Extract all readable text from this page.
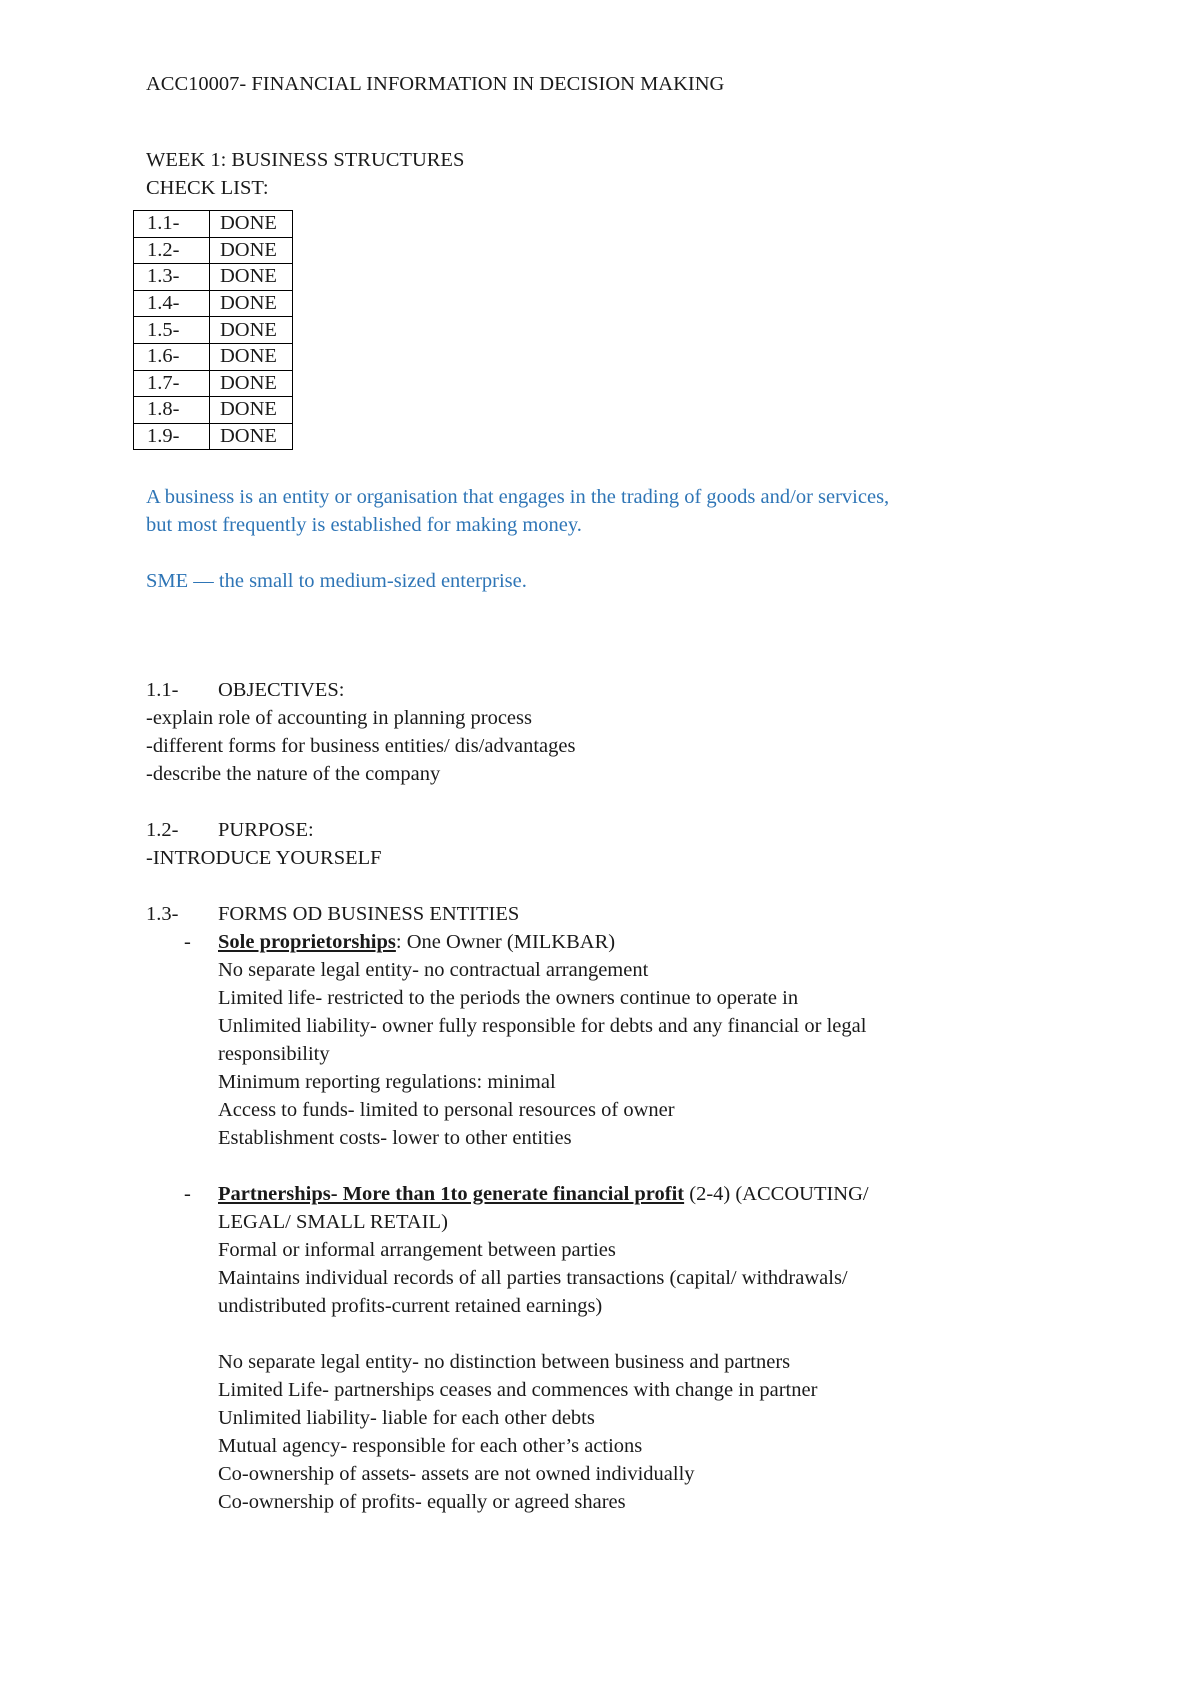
ACC10007- FINANCIAL INFORMATION IN DECISION MAKING
WEEK 1: BUSINESS STRUCTURES
CHECK LIST:
1.1-	DONE
1.2-	DONE
1.3-	DONE
1.4-	DONE
1.5-	DONE
1.6-	DONE
1.7-	DONE
1.8-	DONE
1.9-	DONE
A business is an entity or organisation that engages in the trading of goods and/or services,
but most frequently is established for making money.
SME — the small to medium-sized enterprise.
1.1- OBJECTIVES:
-explain role of accounting in planning process
-different forms for business entities/ dis/advantages
-describe the nature of the company
1.2- PURPOSE:
-INTRODUCE YOURSELF
1.3- FORMS OD BUSINESS ENTITIES
- Sole proprietorships: One Owner (MILKBAR)
No separate legal entity- no contractual arrangement
Limited life- restricted to the periods the owners continue to operate in
Unlimited liability- owner fully responsible for debts and any financial or legal
responsibility
Minimum reporting regulations: minimal
Access to funds- limited to personal resources of owner
Establishment costs- lower to other entities
- Partnerships- More than 1to generate financial profit (2-4) (ACCOUTING/
LEGAL/ SMALL RETAIL)
Formal or informal arrangement between parties
Maintains individual records of all parties transactions (capital/ withdrawals/
undistributed profits-current retained earnings)
No separate legal entity- no distinction between business and partners
Limited Life- partnerships ceases and commences with change in partner
Unlimited liability- liable for each other debts
Mutual agency- responsible for each other’s actions
Co-ownership of assets- assets are not owned individually
Co-ownership of profits- equally or agreed shares
